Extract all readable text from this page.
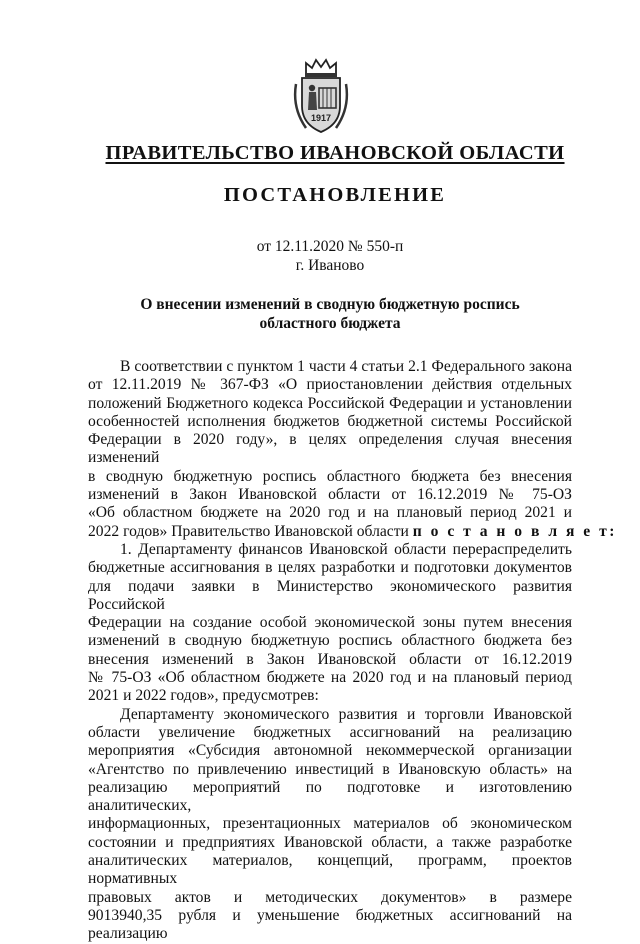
1917
ПРАВИТЕЛЬСТВО ИВАНОВСКОЙ ОБЛАСТИ
ПОСТАНОВЛЕНИЕ
от 12.11.2020 № 550-п
г. Иваново
О внесении изменений в сводную бюджетную роспись
областного бюджета
В соответствии с пунктом 1 части 4 статьи 2.1 Федерального закона
от 12.11.2019 № 367-ФЗ «О приостановлении действия отдельных
положений Бюджетного кодекса Российской Федерации и установлении
особенностей исполнения бюджетов бюджетной системы Российской
Федерации в 2020 году», в целях определения случая внесения изменений
в сводную бюджетную роспись областного бюджета без внесения
изменений в Закон Ивановской области от 16.12.2019 № 75-ОЗ
«Об областном бюджете на 2020 год и на плановый период 2021 и
2022 годов» Правительство Ивановской области п о с т а н о в л я е т:
1. Департаменту финансов Ивановской области перераспределить
бюджетные ассигнования в целях разработки и подготовки документов
для подачи заявки в Министерство экономического развития Российской
Федерации на создание особой экономической зоны путем внесения
изменений в сводную бюджетную роспись областного бюджета без
внесения изменений в Закон Ивановской области от 16.12.2019
№ 75-ОЗ «Об областном бюджете на 2020 год и на плановый период
2021 и 2022 годов», предусмотрев:
Департаменту экономического развития и торговли Ивановской
области увеличение бюджетных ассигнований на реализацию
мероприятия «Субсидия автономной некоммерческой организации
«Агентство по привлечению инвестиций в Ивановскую область» на
реализацию мероприятий по подготовке и изготовлению аналитических,
информационных, презентационных материалов об экономическом
состоянии и предприятиях Ивановской области, а также разработке
аналитических материалов, концепций, программ, проектов нормативных
правовых актов и методических документов» в размере
9013940,35 рубля и уменьшение бюджетных ассигнований на реализацию
